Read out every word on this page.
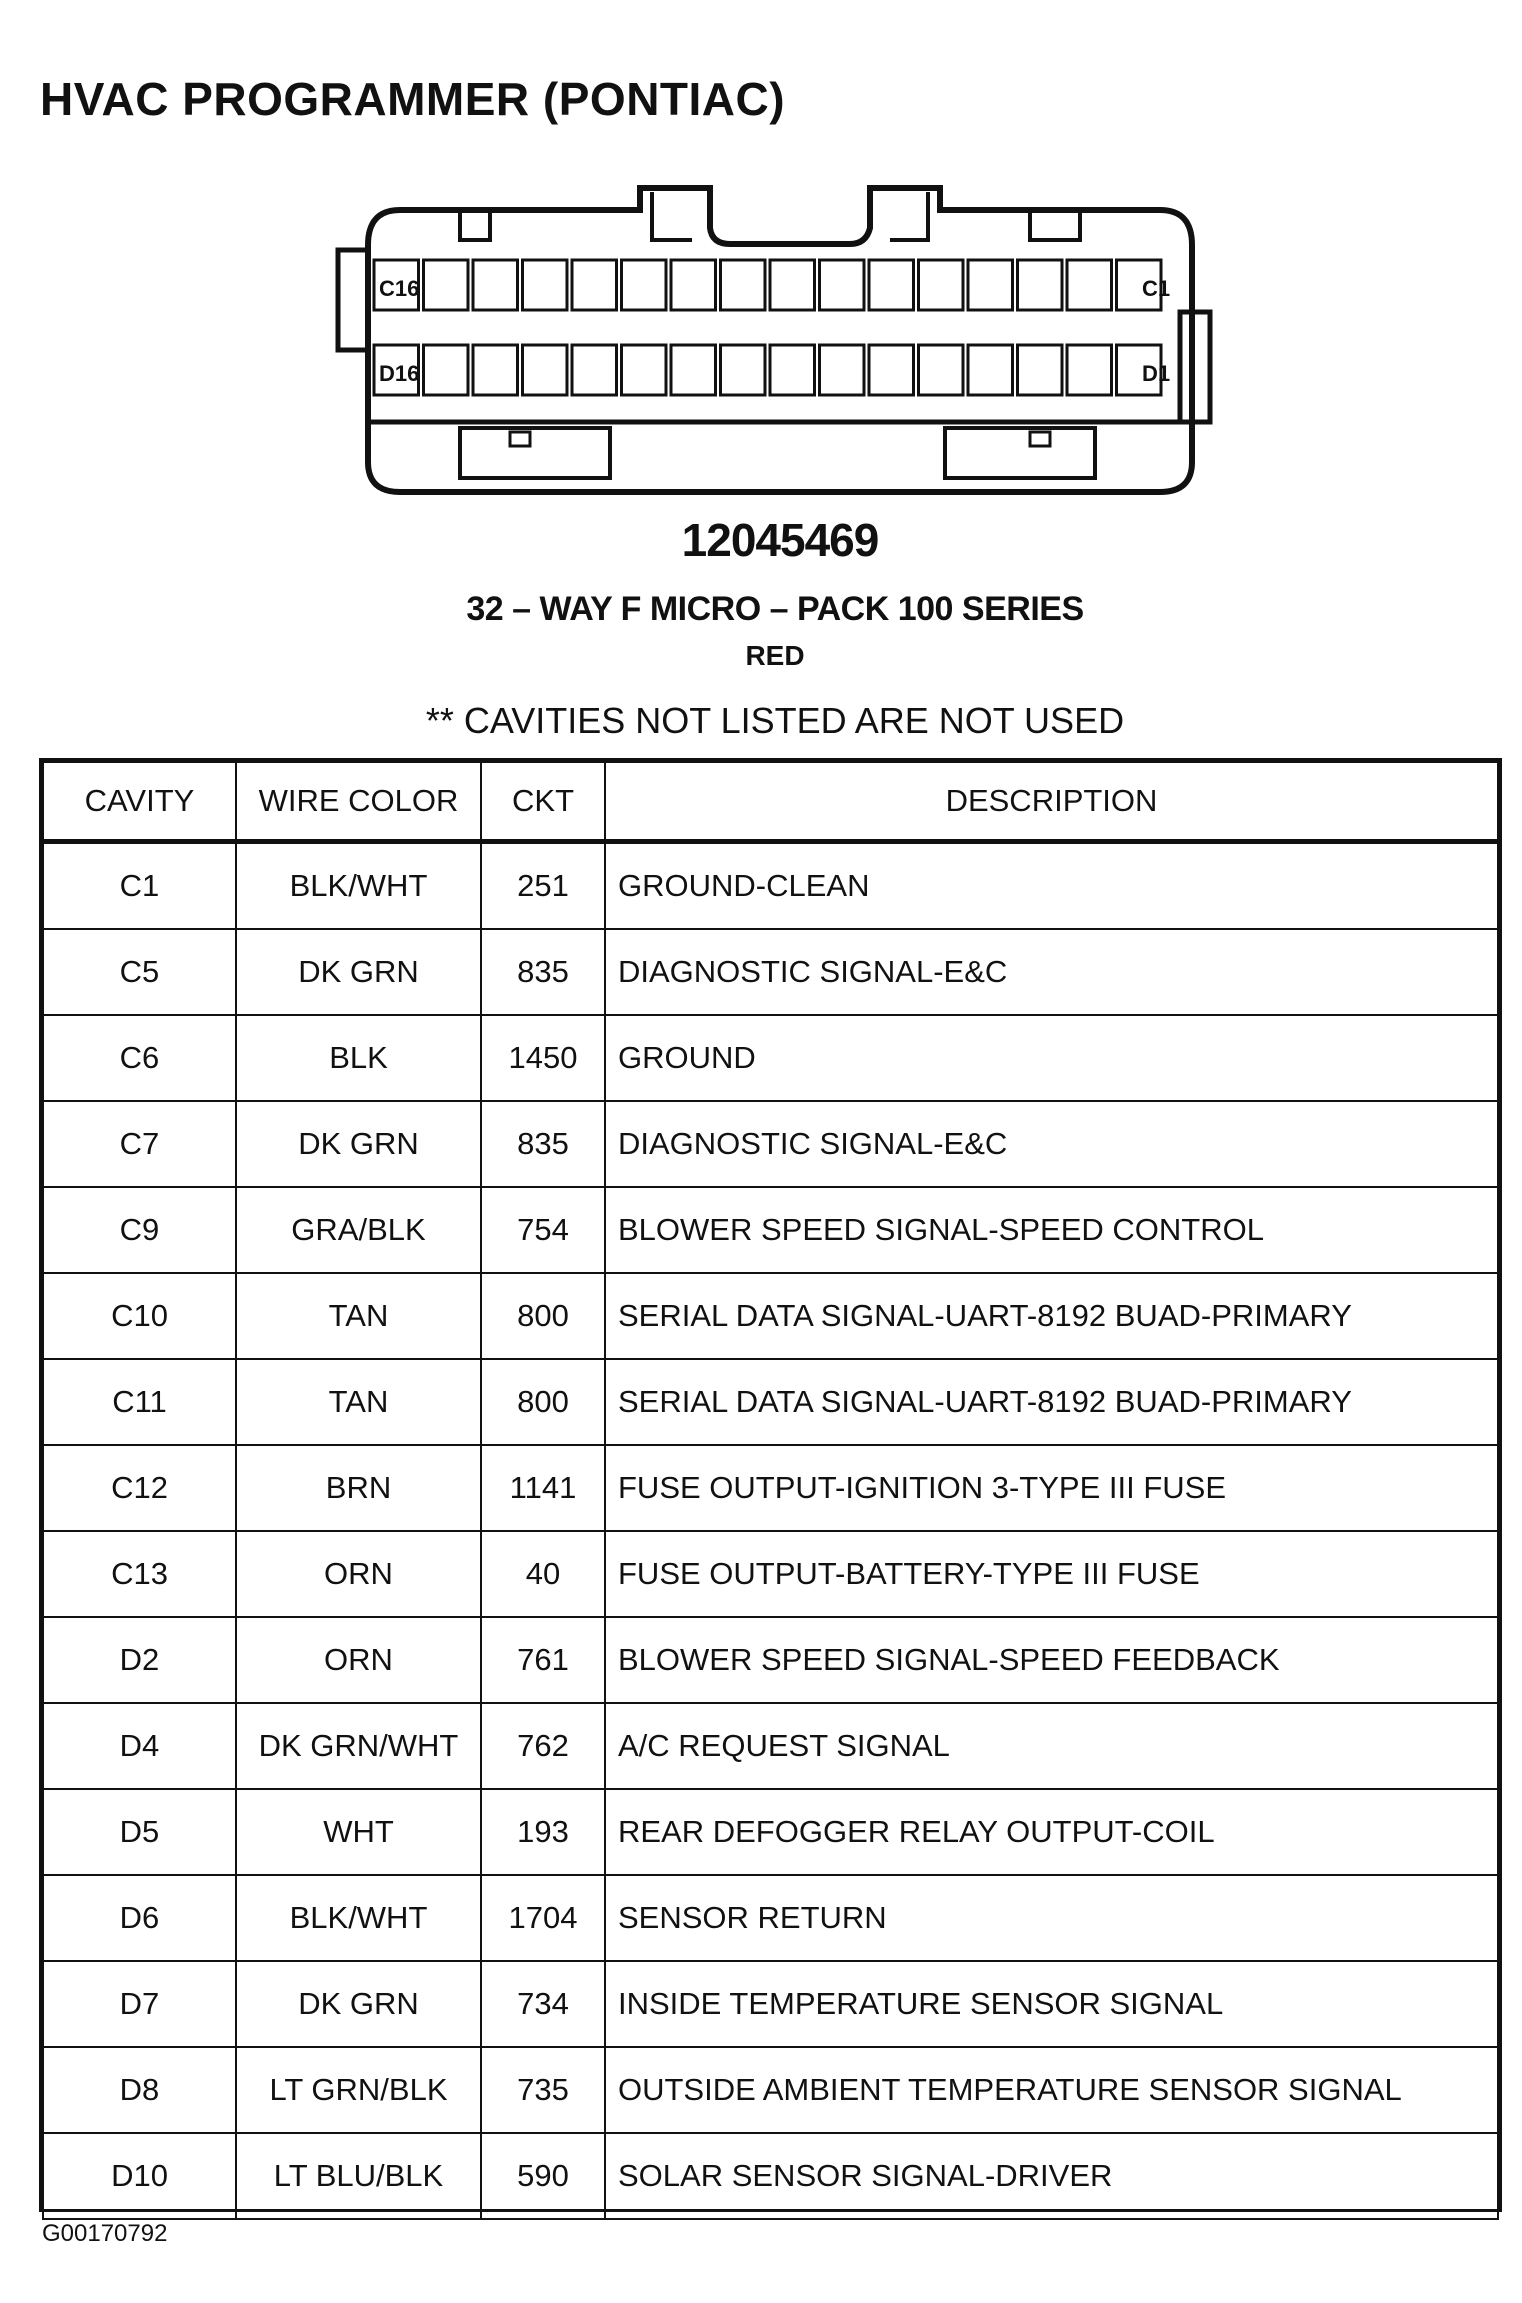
HVAC PROGRAMMER (PONTIAC)
C16	C1
D16	D1
12045469
32 – WAY F MICRO – PACK 100 SERIES
RED
** CAVITIES NOT LISTED ARE NOT USED
CAVITY	WIRE COLOR	CKT	DESCRIPTION
C1	BLK/WHT	251	GROUND-CLEAN
C5	DK GRN	835	DIAGNOSTIC SIGNAL-E&C
C6	BLK	1450	GROUND
C7	DK GRN	835	DIAGNOSTIC SIGNAL-E&C
C9	GRA/BLK	754	BLOWER SPEED SIGNAL-SPEED CONTROL
C10	TAN	800	SERIAL DATA SIGNAL-UART-8192 BUAD-PRIMARY
C11	TAN	800	SERIAL DATA SIGNAL-UART-8192 BUAD-PRIMARY
C12	BRN	1141	FUSE OUTPUT-IGNITION 3-TYPE III FUSE
C13	ORN	40	FUSE OUTPUT-BATTERY-TYPE III FUSE
D2	ORN	761	BLOWER SPEED SIGNAL-SPEED FEEDBACK
D4	DK GRN/WHT	762	A/C REQUEST SIGNAL
D5	WHT	193	REAR DEFOGGER RELAY OUTPUT-COIL
D6	BLK/WHT	1704	SENSOR RETURN
D7	DK GRN	734	INSIDE TEMPERATURE SENSOR SIGNAL
D8	LT GRN/BLK	735	OUTSIDE AMBIENT TEMPERATURE SENSOR SIGNAL
D10	LT BLU/BLK	590	SOLAR SENSOR SIGNAL-DRIVER
G00170792
